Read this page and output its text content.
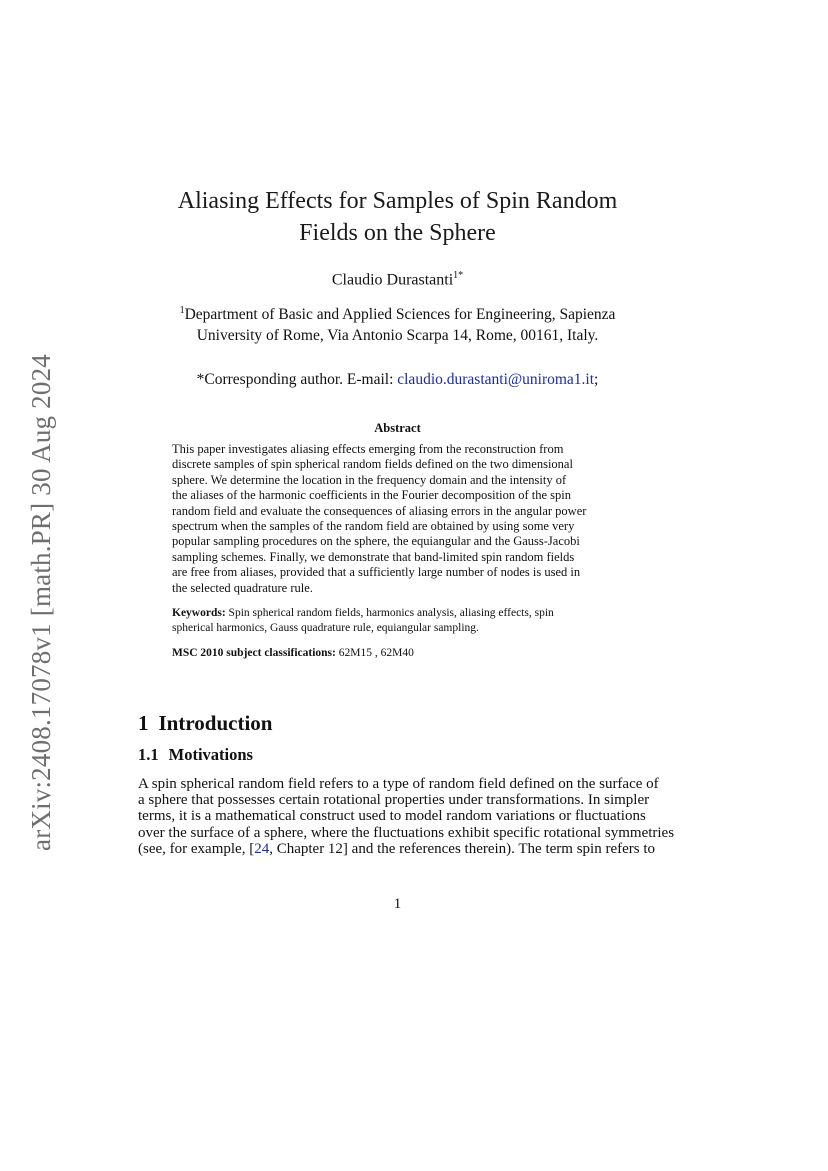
arXiv:2408.17078v1 [math.PR] 30 Aug 2024
Aliasing Effects for Samples of Spin Random
Fields on the Sphere
Claudio Durastanti$^{1*}$
$^1$Department of Basic and Applied Sciences for Engineering, Sapienza
University of Rome, Via Antonio Scarpa 14, Rome, 00161, Italy.
*Corresponding author. E-mail: claudio.durastanti@uniroma1.it;
Abstract
This paper investigates aliasing effects emerging from the reconstruction from
discrete samples of spin spherical random fields defined on the two dimensional
sphere. We determine the location in the frequency domain and the intensity of
the aliases of the harmonic coefficients in the Fourier decomposition of the spin
random field and evaluate the consequences of aliasing errors in the angular power
spectrum when the samples of the random field are obtained by using some very
popular sampling procedures on the sphere, the equiangular and the Gauss-Jacobi
sampling schemes. Finally, we demonstrate that band-limited spin random fields
are free from aliases, provided that a sufficiently large number of nodes is used in
the selected quadrature rule.
Keywords: Spin spherical random fields, harmonics analysis, aliasing effects, spin
spherical harmonics, Gauss quadrature rule, equiangular sampling.
MSC 2010 subject classifications: 62M15 , 62M40
1 Introduction
1.1 Motivations
A spin spherical random field refers to a type of random field defined on the surface of
a sphere that possesses certain rotational properties under transformations. In simpler
terms, it is a mathematical construct used to model random variations or fluctuations
over the surface of a sphere, where the fluctuations exhibit specific rotational symmetries
(see, for example, [24, Chapter 12] and the references therein). The term spin refers to
1
